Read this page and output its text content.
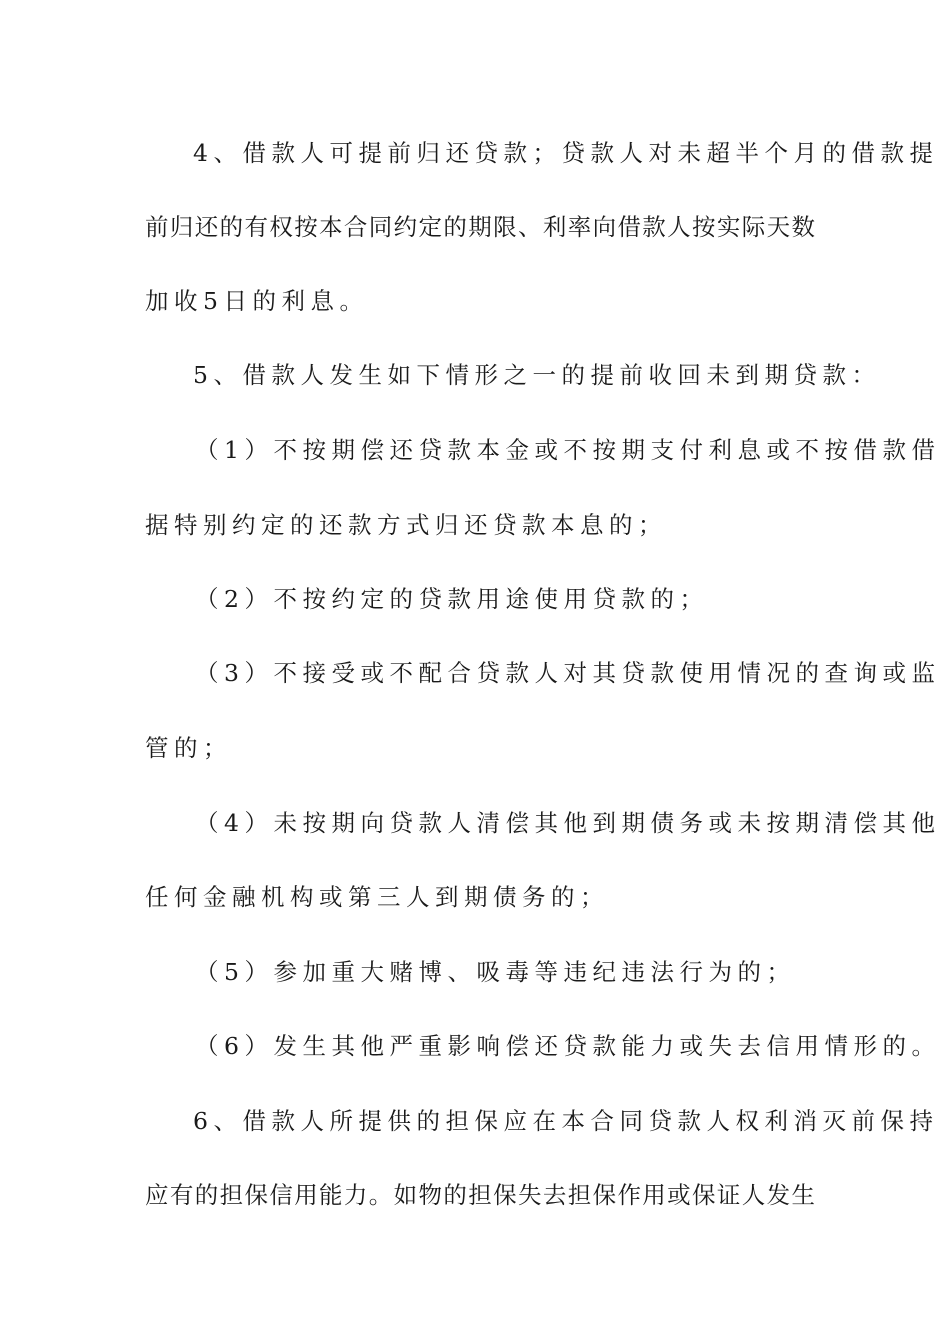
4、借款人可提前归还贷款；贷款人对未超半个月的借款提
前归还的有权按本合同约定的期限、利率向借款人按实际天数
加收5日的利息。
5、借款人发生如下情形之一的提前收回未到期贷款：
（1）不按期偿还贷款本金或不按期支付利息或不按借款借
据特别约定的还款方式归还贷款本息的；
（2）不按约定的贷款用途使用贷款的；
（3）不接受或不配合贷款人对其贷款使用情况的查询或监
管的；
（4）未按期向贷款人清偿其他到期债务或未按期清偿其他
任何金融机构或第三人到期债务的；
（5）参加重大赌博、吸毒等违纪违法行为的；
（6）发生其他严重影响偿还贷款能力或失去信用情形的。
6、借款人所提供的担保应在本合同贷款人权利消灭前保持
应有的担保信用能力。如物的担保失去担保作用或保证人发生
